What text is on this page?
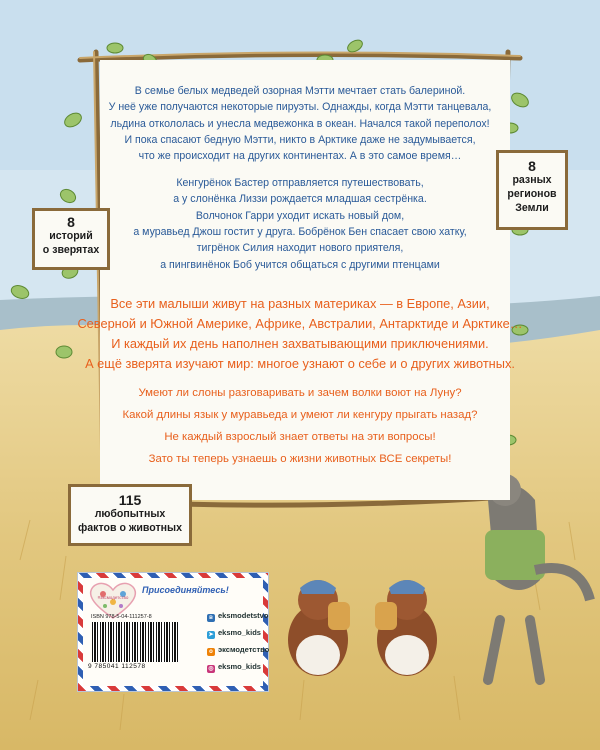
В семье белых медведей озорная Мэтти мечтает стать балериной.
У неё уже получаются некоторые пируэты. Однажды, когда Мэтти танцевала,
льдина откололась и унесла медвежонка в океан. Начался такой переполох!
И пока спасают бедную Мэтти, никто в Арктике даже не задумывается,
что же происходит на других континентах. А в это самое время…
Кенгурёнок Бастер отправляется путешествовать,
а у слонёнка Лиззи рождается младшая сестрёнка.
Волчонок Гарри уходит искать новый дом,
а муравьед Джош гостит у друга. Бобрёнок Бен спасает свою хатку,
тигрёнок Силия находит нового приятеля,
а пингвинёнок Боб учится общаться с другими птенцами
Все эти малыши живут на разных материках — в Европе, Азии,
Северной и Южной Америке, Африке, Австралии, Антарктиде и Арктике…
И каждый их день наполнен захватывающими приключениями.
А ещё зверята изучают мир: многое узнают о себе и о других животных.
Умеют ли слоны разговаривать и зачем волки воют на Луну?
Какой длины язык у муравьеда и умеют ли кенгуру прыгать назад?
Не каждый взрослый знает ответы на эти вопросы!
Зато ты теперь узнаешь о жизни животных ВСЕ секреты!
8
историй
о зверятах
8
разных
регионов
Земли
115
любопытных
фактов о животных
#эксмодетство
Присоединяйтесь!
ISBN 978-5-04-111257-8
9 785041 112578
в eksmodetstvo
➤ eksmo_kids
о эксмодетство
◎ eksmo_kids
